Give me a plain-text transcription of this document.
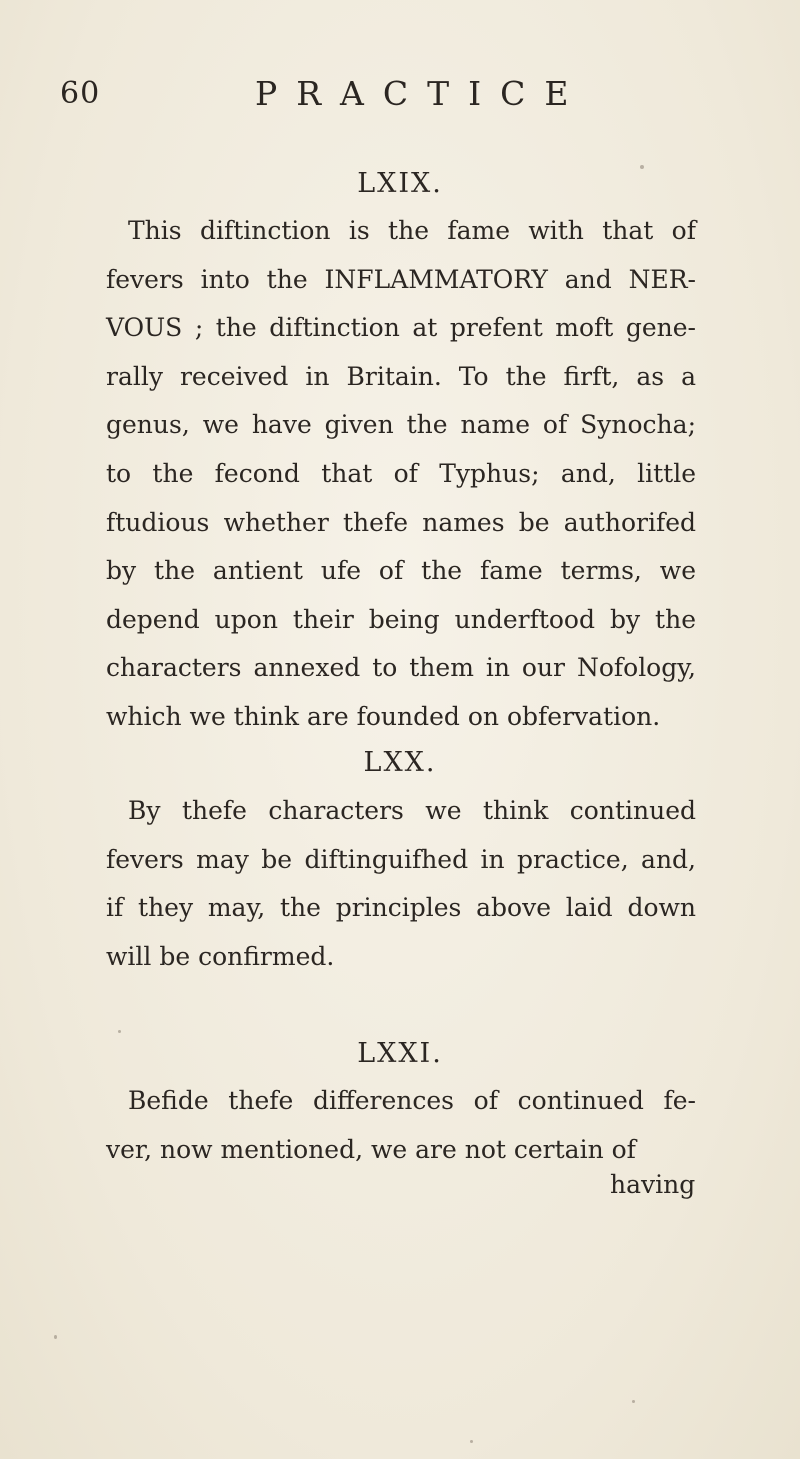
60	PRACTICE
LXIX.

This diftinction is the fame with that of
fevers into the INFLAMMATORY and NER-
VOUS ; the diftinction at prefent moft gene-
rally received in Britain. To the firft, as a
genus, we have given the name of Synocha;
to the fecond that of Typhus; and, little
ftudious whether thefe names be authorifed
by the antient ufe of the fame terms, we
depend upon their being underftood by the
characters annexed to them in our Nofology,
which we think are founded on obfervation.

LXX.

By thefe characters we think continued
fevers may be diftinguifhed in practice, and,
if they may, the principles above laid down
will be confirmed.

LXXI.

Befide thefe differences of continued fe-
ver, now mentioned, we are not certain of

having
